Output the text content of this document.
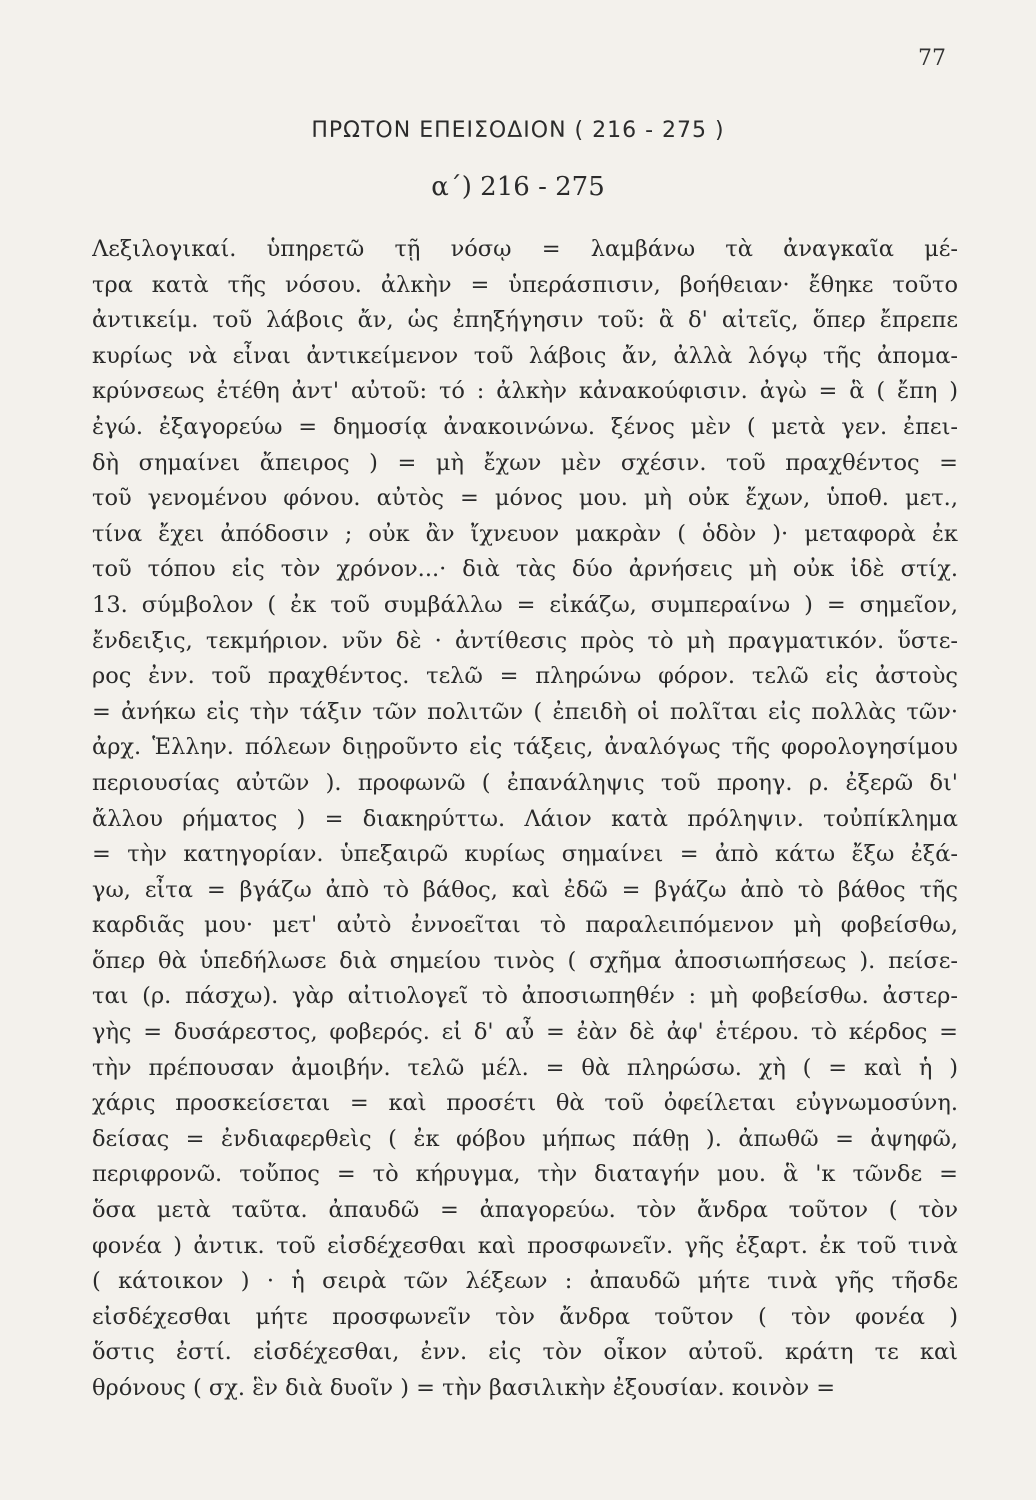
77
ΠΡΩΤΟΝ ΕΠΕΙΣΟΔΙΟΝ ( 216 - 275 )
α΄) 216 - 275
Λεξιλογικαί. ὑπηρετῶ τῇ νόσῳ = λαμβάνω τὰ ἀναγκαῖα μέ-
τρα κατὰ τῆς νόσου. ἀλκὴν = ὑπεράσπισιν, βοήθειαν· ἔθηκε τοῦτο
ἀντικείμ. τοῦ λάβοις ἄν, ὡς ἐπηξήγησιν τοῦ: ἃ δ' αἰτεῖς, ὅπερ ἔπρεπε
κυρίως νὰ εἶναι ἀντικείμενον τοῦ λάβοις ἄν, ἀλλὰ λόγῳ τῆς ἀπομα-
κρύνσεως ἐτέθη ἀντ' αὐτοῦ: τό : ἀλκὴν κἀνακούφισιν. ἀγὼ = ἃ ( ἔπη )
ἐγώ. ἐξαγορεύω = δημοσίᾳ ἀνακοινώνω. ξένος μὲν ( μετὰ γεν. ἐπει-
δὴ σημαίνει ἄπειρος ) = μὴ ἔχων μὲν σχέσιν. τοῦ πραχθέντος =
τοῦ γενομένου φόνου. αὐτὸς = μόνος μου. μὴ οὐκ ἔχων, ὑποθ. μετ.,
τίνα ἔχει ἀπόδοσιν ; οὐκ ἂν ἴχνευον μακρὰν ( ὁδὸν )· μεταφορὰ ἐκ
τοῦ τόπου εἰς τὸν χρόνον...· διὰ τὰς δύο ἀρνήσεις μὴ οὐκ ἰδὲ στίχ.
13. σύμβολον ( ἐκ τοῦ συμβάλλω = εἰκάζω, συμπεραίνω ) = σημεῖον,
ἔνδειξις, τεκμήριον. νῦν δὲ · ἀντίθεσις πρὸς τὸ μὴ πραγματικόν. ὕστε-
ρος ἐνν. τοῦ πραχθέντος. τελῶ = πληρώνω φόρον. τελῶ εἰς ἀστοὺς
= ἀνήκω εἰς τὴν τάξιν τῶν πολιτῶν ( ἐπειδὴ οἱ πολῖται εἰς πολλὰς τῶν·
ἀρχ. Ἑλλην. πόλεων διῃροῦντο εἰς τάξεις, ἀναλόγως τῆς φορολογησίμου
περιουσίας αὐτῶν ). προφωνῶ ( ἐπανάληψις τοῦ προηγ. ρ. ἐξερῶ δι'
ἄλλου ρήματος ) = διακηρύττω. Λάιον κατὰ πρόληψιν. τοὐπίκλημα
= τὴν κατηγορίαν. ὑπεξαιρῶ κυρίως σημαίνει = ἀπὸ κάτω ἔξω ἐξά-
γω, εἶτα = βγάζω ἀπὸ τὸ βάθος, καὶ ἐδῶ = βγάζω ἀπὸ τὸ βάθος τῆς
καρδιᾶς μου· μετ' αὐτὸ ἐννοεῖται τὸ παραλειπόμενον μὴ φοβείσθω,
ὅπερ θὰ ὑπεδήλωσε διὰ σημείου τινὸς ( σχῆμα ἀποσιωπήσεως ). πείσε-
ται (ρ. πάσχω). γὰρ αἰτιολογεῖ τὸ ἀποσιωπηθέν : μὴ φοβείσθω. ἀστερ-
γὴς = δυσάρεστος, φοβερός. εἰ δ' αὖ = ἐὰν δὲ ἀφ' ἑτέρου. τὸ κέρδος =
τὴν πρέπουσαν ἀμοιβήν. τελῶ μέλ. = θὰ πληρώσω. χὴ ( = καὶ ἡ )
χάρις προσκείσεται = καὶ προσέτι θὰ τοῦ ὀφείλεται εὐγνωμοσύνη.
δείσας = ἐνδιαφερθεὶς ( ἐκ φόβου μήπως πάθῃ ). ἀπωθῶ = ἀψηφῶ,
περιφρονῶ. τοὔπος = τὸ κήρυγμα, τὴν διαταγήν μου. ἃ 'κ τῶνδε =
ὅσα μετὰ ταῦτα. ἀπαυδῶ = ἀπαγορεύω. τὸν ἄνδρα τοῦτον ( τὸν
φονέα ) ἀντικ. τοῦ εἰσδέχεσθαι καὶ προσφωνεῖν. γῆς ἐξαρτ. ἐκ τοῦ τινὰ
( κάτοικον ) · ἡ σειρὰ τῶν λέξεων : ἀπαυδῶ μήτε τινὰ γῆς τῆσδε
εἰσδέχεσθαι μήτε προσφωνεῖν τὸν ἄνδρα τοῦτον ( τὸν φονέα )
ὅστις ἐστί. εἰσδέχεσθαι, ἐνν. εἰς τὸν οἶκον αὐτοῦ. κράτη τε καὶ
θρόνους ( σχ. ἓν διὰ δυοῖν ) = τὴν βασιλικὴν ἐξουσίαν. κοινὸν =
